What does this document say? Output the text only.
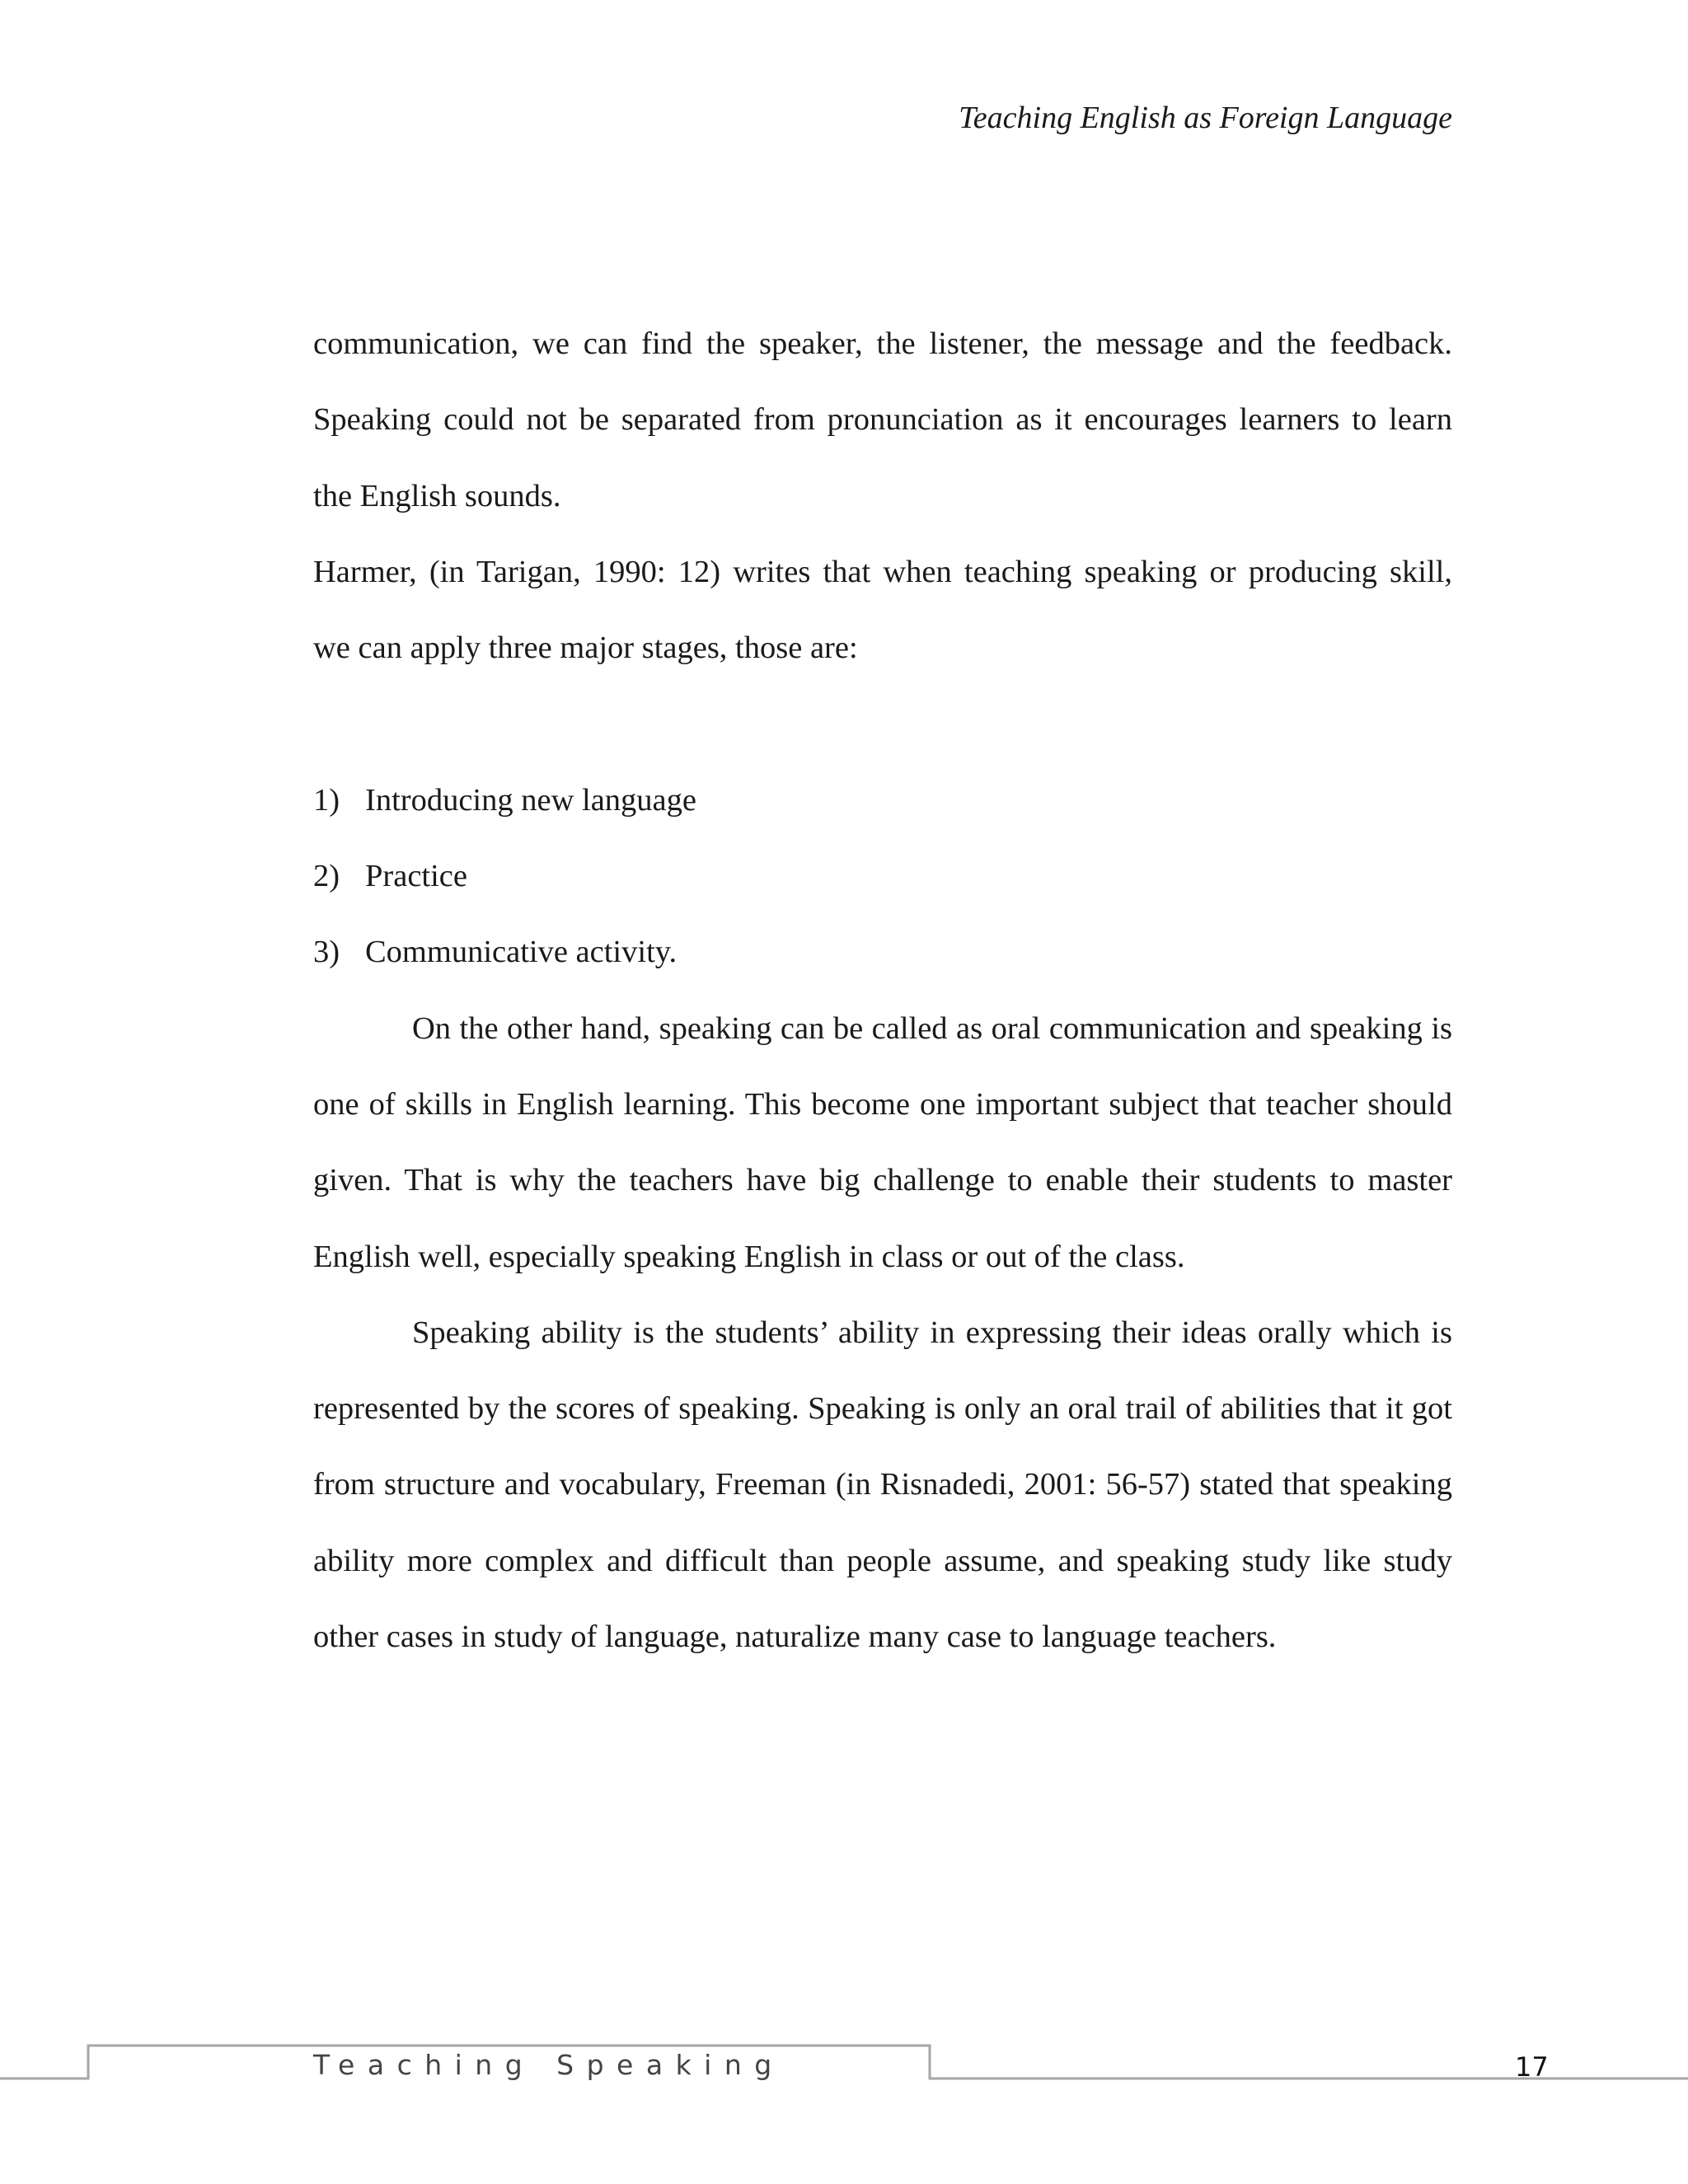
Teaching English as Foreign Language

communication, we can find the speaker, the listener, the message and the feedback.

Speaking could not be separated from pronunciation as it encourages learners to learn

the English sounds.

Harmer, (in Tarigan, 1990: 12) writes that when teaching speaking or producing skill,

we can apply three major stages, those are:

1) Introducing new language
2) Practice
3) Communicative activity.

On the other hand, speaking can be called as oral communication and speaking is one of skills in English learning. This become one important subject that teacher should given. That is why the teachers have big challenge to enable their students to master English well, especially speaking English in class or out of the class.

Speaking ability is the students’ ability in expressing their ideas orally which is represented by the scores of speaking. Speaking is only an oral trail of abilities that it got from structure and vocabulary, Freeman (in Risnadedi, 2001: 56-57) stated that speaking ability more complex and difficult than people assume, and speaking study like study other cases in study of language, naturalize many case to language teachers.

Teaching Speaking	17
